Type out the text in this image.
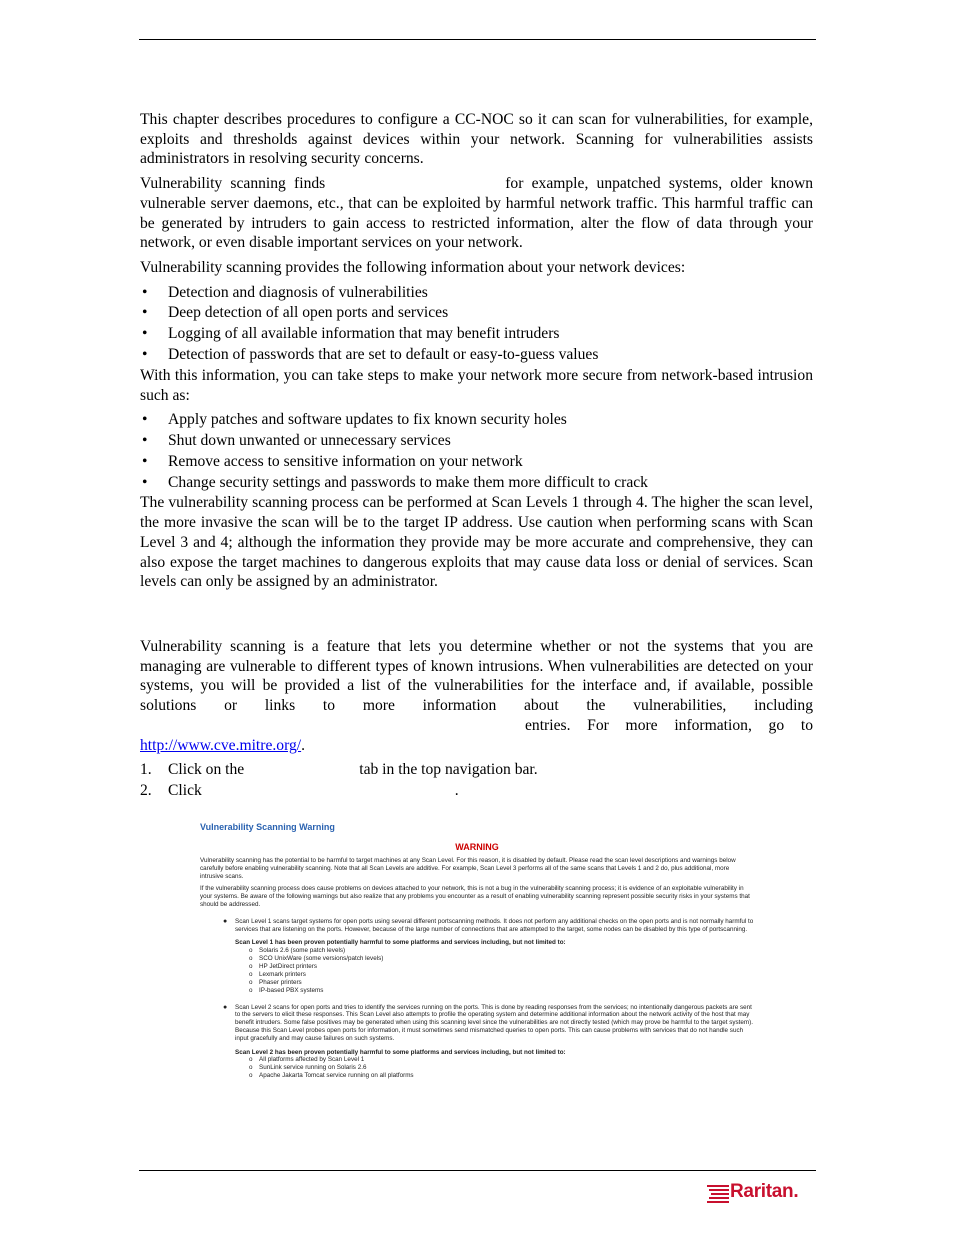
This chapter describes procedures to configure a CC-NOC so it can scan for vulnerabilities, for example, exploits and thresholds against devices within your network. Scanning for vulnerabilities assists administrators in resolving security concerns.

Vulnerability scanning finds	for example, unpatched systems, older known vulnerable server daemons, etc., that can be exploited by harmful network traffic. This harmful traffic can be generated by intruders to gain access to restricted information, alter the flow of data through your network, or even disable important services on your network.

Vulnerability scanning provides the following information about your network devices:

• Detection and diagnosis of vulnerabilities
• Deep detection of all open ports and services
• Logging of all available information that may benefit intruders
• Detection of passwords that are set to default or easy-to-guess values

With this information, you can take steps to make your network more secure from network-based intrusion such as:

• Apply patches and software updates to fix known security holes
• Shut down unwanted or unnecessary services
• Remove access to sensitive information on your network
• Change security settings and passwords to make them more difficult to crack

The vulnerability scanning process can be performed at Scan Levels 1 through 4. The higher the scan level, the more invasive the scan will be to the target IP address. Use caution when performing scans with Scan Level 3 and 4; although the information they provide may be more accurate and comprehensive, they can also expose the target machines to dangerous exploits that may cause data loss or denial of services. Scan levels can only be assigned by an administrator.

Vulnerability scanning is a feature that lets you determine whether or not the systems that you are managing are vulnerable to different types of known intrusions. When vulnerabilities are detected on your systems, you will be provided a list of the vulnerabilities for the interface and, if available, possible solutions or links to more information about the vulnerabilities, includingentries. For more information, go to http://www.cve.mitre.org/.

1. Click on the	tab in the top navigation bar.
2. Click	.
Vulnerability Scanning Warning
WARNING
Vulnerability scanning has the potential to be harmful to target machines at any Scan Level. For this reason, it is disabled by default. Please read the scan level descriptions and warnings below carefully before enabling vulnerability scanning. Note that all Scan Levels are additive. For example, Scan Level 3 performs all of the same scans that Levels 1 and 2 do, plus additional, more intrusive scans.
If the vulnerability scanning process does cause problems on devices attached to your network, this is not a bug in the vulnerability scanning process; it is evidence of an exploitable vulnerability in your systems. Be aware of the following warnings but also realize that any problems you encounter as a result of enabling vulnerability scanning represent possible security risks in your systems that should be addressed.
● Scan Level 1 scans target systems for open ports using several different portscanning methods. It does not perform any additional checks on the open ports and is not normally harmful to services that are listening on the ports. However, because of the large number of connections that are attempted to the target, some nodes can be disabled by this type of portscanning.
Scan Level 1 has been proven potentially harmful to some platforms and services including, but not limited to:
o Solaris 2.6 (some patch levels)
o SCO UnixWare (some versions/patch levels)
o HP JetDirect printers
o Lexmark printers
o Phaser printers
o IP-based PBX systems
● Scan Level 2 scans for open ports and tries to identify the services running on the ports. This is done by reading responses from the services; no intentionally dangerous packets are sent to the servers to elicit these responses. This Scan Level also attempts to profile the operating system and determine additional information about the network activity of the host that may benefit intruders. Some false positives may be generated when using this scanning level since the vulnerabilities are not directly tested (which may prove be harmful to the target system). Because this Scan Level probes open ports for information, it must sometimes send mismatched queries to open ports. This can cause problems with services that do not handle such input gracefully and may cause failures on such systems.
Scan Level 2 has been proven potentially harmful to some platforms and services including, but not limited to:
o All platforms affected by Scan Level 1
o SunLink service running on Solaris 2.6
o Apache Jakarta Tomcat service running on all platforms
Raritan.
